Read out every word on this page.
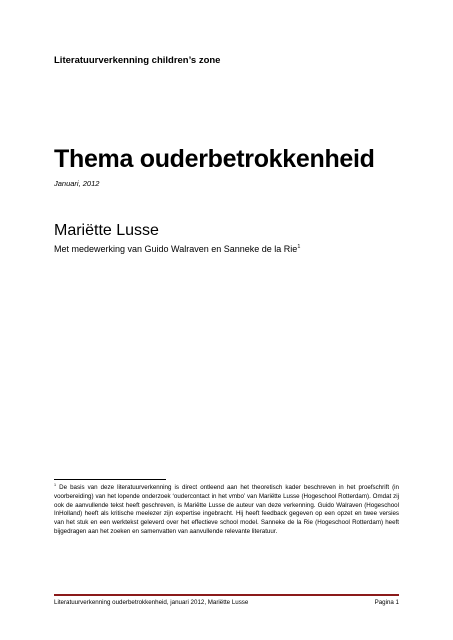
Literatuurverkenning children’s zone
Thema ouderbetrokkenheid
Januari, 2012
Mariëtte Lusse
Met medewerking van Guido Walraven en Sanneke de la Rie$^1$
$^1$ De basis van deze literatuurverkenning is direct ontleend aan het theoretisch kader beschreven in het proefschrift (in voorbereiding) van het lopende onderzoek ‘oudercontact in het vmbo’ van Mariëtte Lusse (Hogeschool Rotterdam). Omdat zij ook de aanvullende tekst heeft geschreven, is Mariëtte Lusse de auteur van deze verkenning. Guido Walraven (Hogeschool InHolland) heeft als kritische meelezer zijn expertise ingebracht. Hij heeft feedback gegeven op een opzet en twee versies van het stuk en een werktekst geleverd over het effectieve school model. Sanneke de la Rie (Hogeschool Rotterdam) heeft bijgedragen aan het zoeken en samenvatten van aanvullende relevante literatuur.
Literatuurverkenning ouderbetrokkenheid, januari 2012, Mariëtte Lusse	Pagina 1
